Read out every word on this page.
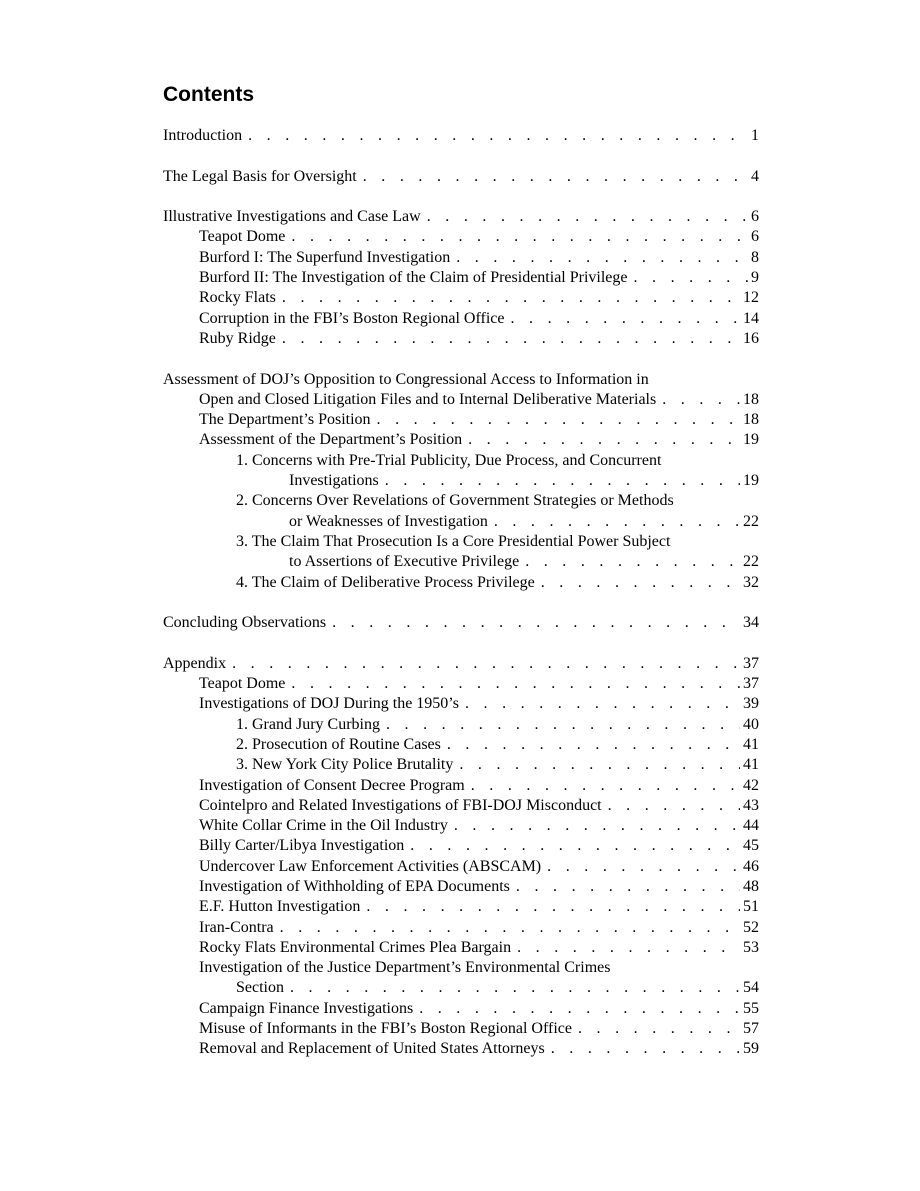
Contents
Introduction . . .	1
The Legal Basis for Oversight . . .	4
Illustrative Investigations and Case Law . . .	6
Teapot Dome . . .	6
Burford I: The Superfund Investigation . . .	8
Burford II: The Investigation of the Claim of Presidential Privilege . . .	9
Rocky Flats . . .	12
Corruption in the FBI’s Boston Regional Office . . .	14
Ruby Ridge . . .	16
Assessment of DOJ’s Opposition to Congressional Access to Information in
Open and Closed Litigation Files and to Internal Deliberative Materials . . .	18
The Department’s Position . . .	18
Assessment of the Department’s Position . . .	19
1. Concerns with Pre-Trial Publicity, Due Process, and Concurrent
Investigations . . .	19
2. Concerns Over Revelations of Government Strategies or Methods
or Weaknesses of Investigation . . .	22
3. The Claim That Prosecution Is a Core Presidential Power Subject
to Assertions of Executive Privilege . . .	22
4. The Claim of Deliberative Process Privilege . . .	32
Concluding Observations . . .	34
Appendix . . .	37
Teapot Dome . . .	37
Investigations of DOJ During the 1950’s . . .	39
1. Grand Jury Curbing . . .	40
2. Prosecution of Routine Cases . . .	41
3. New York City Police Brutality . . .	41
Investigation of Consent Decree Program . . .	42
Cointelpro and Related Investigations of FBI-DOJ Misconduct . . .	43
White Collar Crime in the Oil Industry . . .	44
Billy Carter/Libya Investigation . . .	45
Undercover Law Enforcement Activities (ABSCAM) . . .	46
Investigation of Withholding of EPA Documents . . .	48
E.F. Hutton Investigation . . .	51
Iran-Contra . . .	52
Rocky Flats Environmental Crimes Plea Bargain . . .	53
Investigation of the Justice Department’s Environmental Crimes
Section . . .	54
Campaign Finance Investigations . . .	55
Misuse of Informants in the FBI’s Boston Regional Office . . .	57
Removal and Replacement of United States Attorneys . . .	59
